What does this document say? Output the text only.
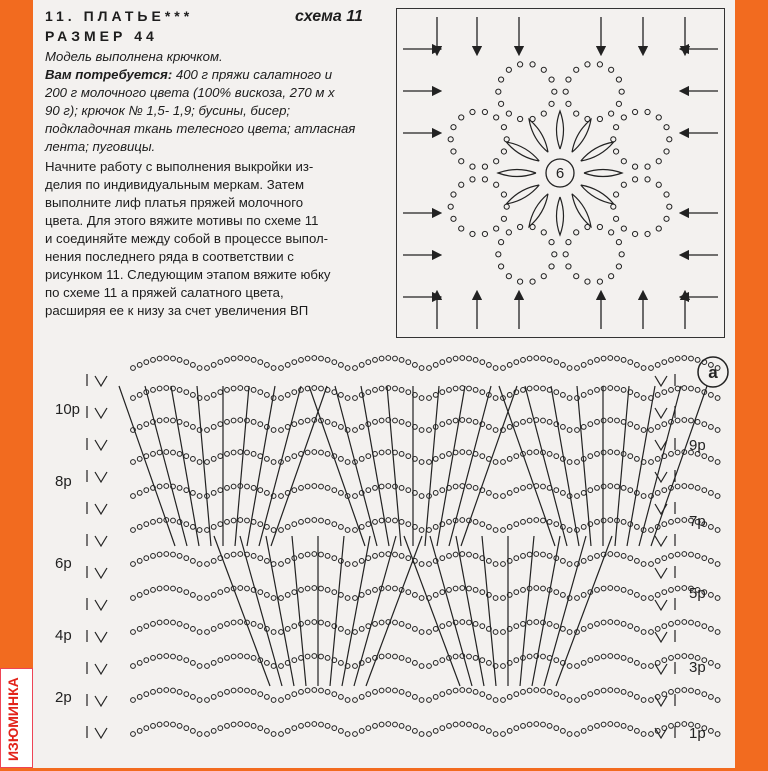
11. ПЛАТЬЕ***
РАЗМЕР 44
схема 11
Модель выполнена крючком.
Вам потребуется: 400 г пряжи салатного и
200 г молочного цвета (100% вискоза, 270 м х
90 г); крючок № 1,5- 1,9; бусины, бисер;
подкладочная ткань телесного цвета; атласная
лента; пуговицы.
Начните работу с выполнения выкройки из-
делия по индивидуальным меркам. Затем
выполните лиф платья пряжей молочного
цвета. Для этого вяжите мотивы по схеме 11
и соединяйте между собой в процессе выпол-
нения последнего ряда в соответствии с
рисунком 11. Следующим этапом вяжите юбку
по схеме 11 а пряжей салатного цвета,
расширяя ее к низу за счет увеличения ВП
6
а
10р
8р
6р
4р
2р
9р
7р
5р
3р
1р
ИЗЮМИНКА
